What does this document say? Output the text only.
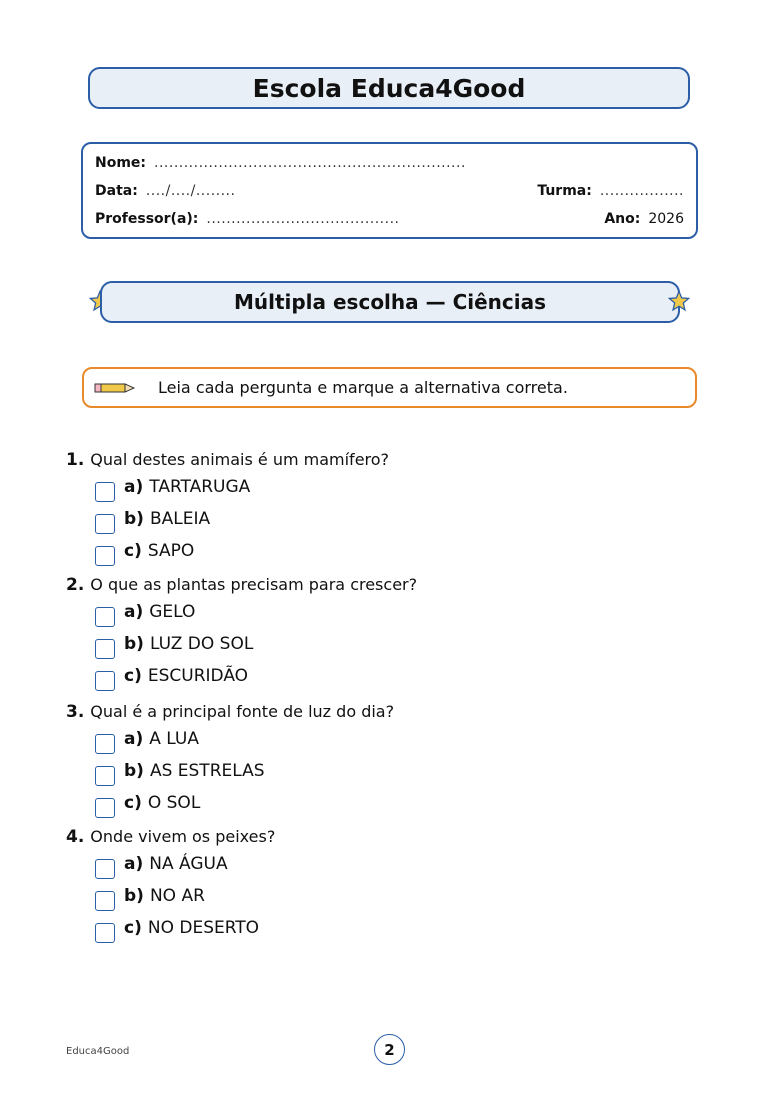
Escola Educa4Good
Nome: ...............................................................
Data: ..../..../........	Turma: .................
Professor(a): .......................................	Ano: 2026
Múltipla escolha — Ciências
Leia cada pergunta e marque a alternativa correta.
1. Qual destes animais é um mamífero?
a) TARTARUGA
b) BALEIA
c) SAPO
2. O que as plantas precisam para crescer?
a) GELO
b) LUZ DO SOL
c) ESCURIDÃO
3. Qual é a principal fonte de luz do dia?
a) A LUA
b) AS ESTRELAS
c) O SOL
4. Onde vivem os peixes?
a) NA ÁGUA
b) NO AR
c) NO DESERTO
Educa4Good	2
